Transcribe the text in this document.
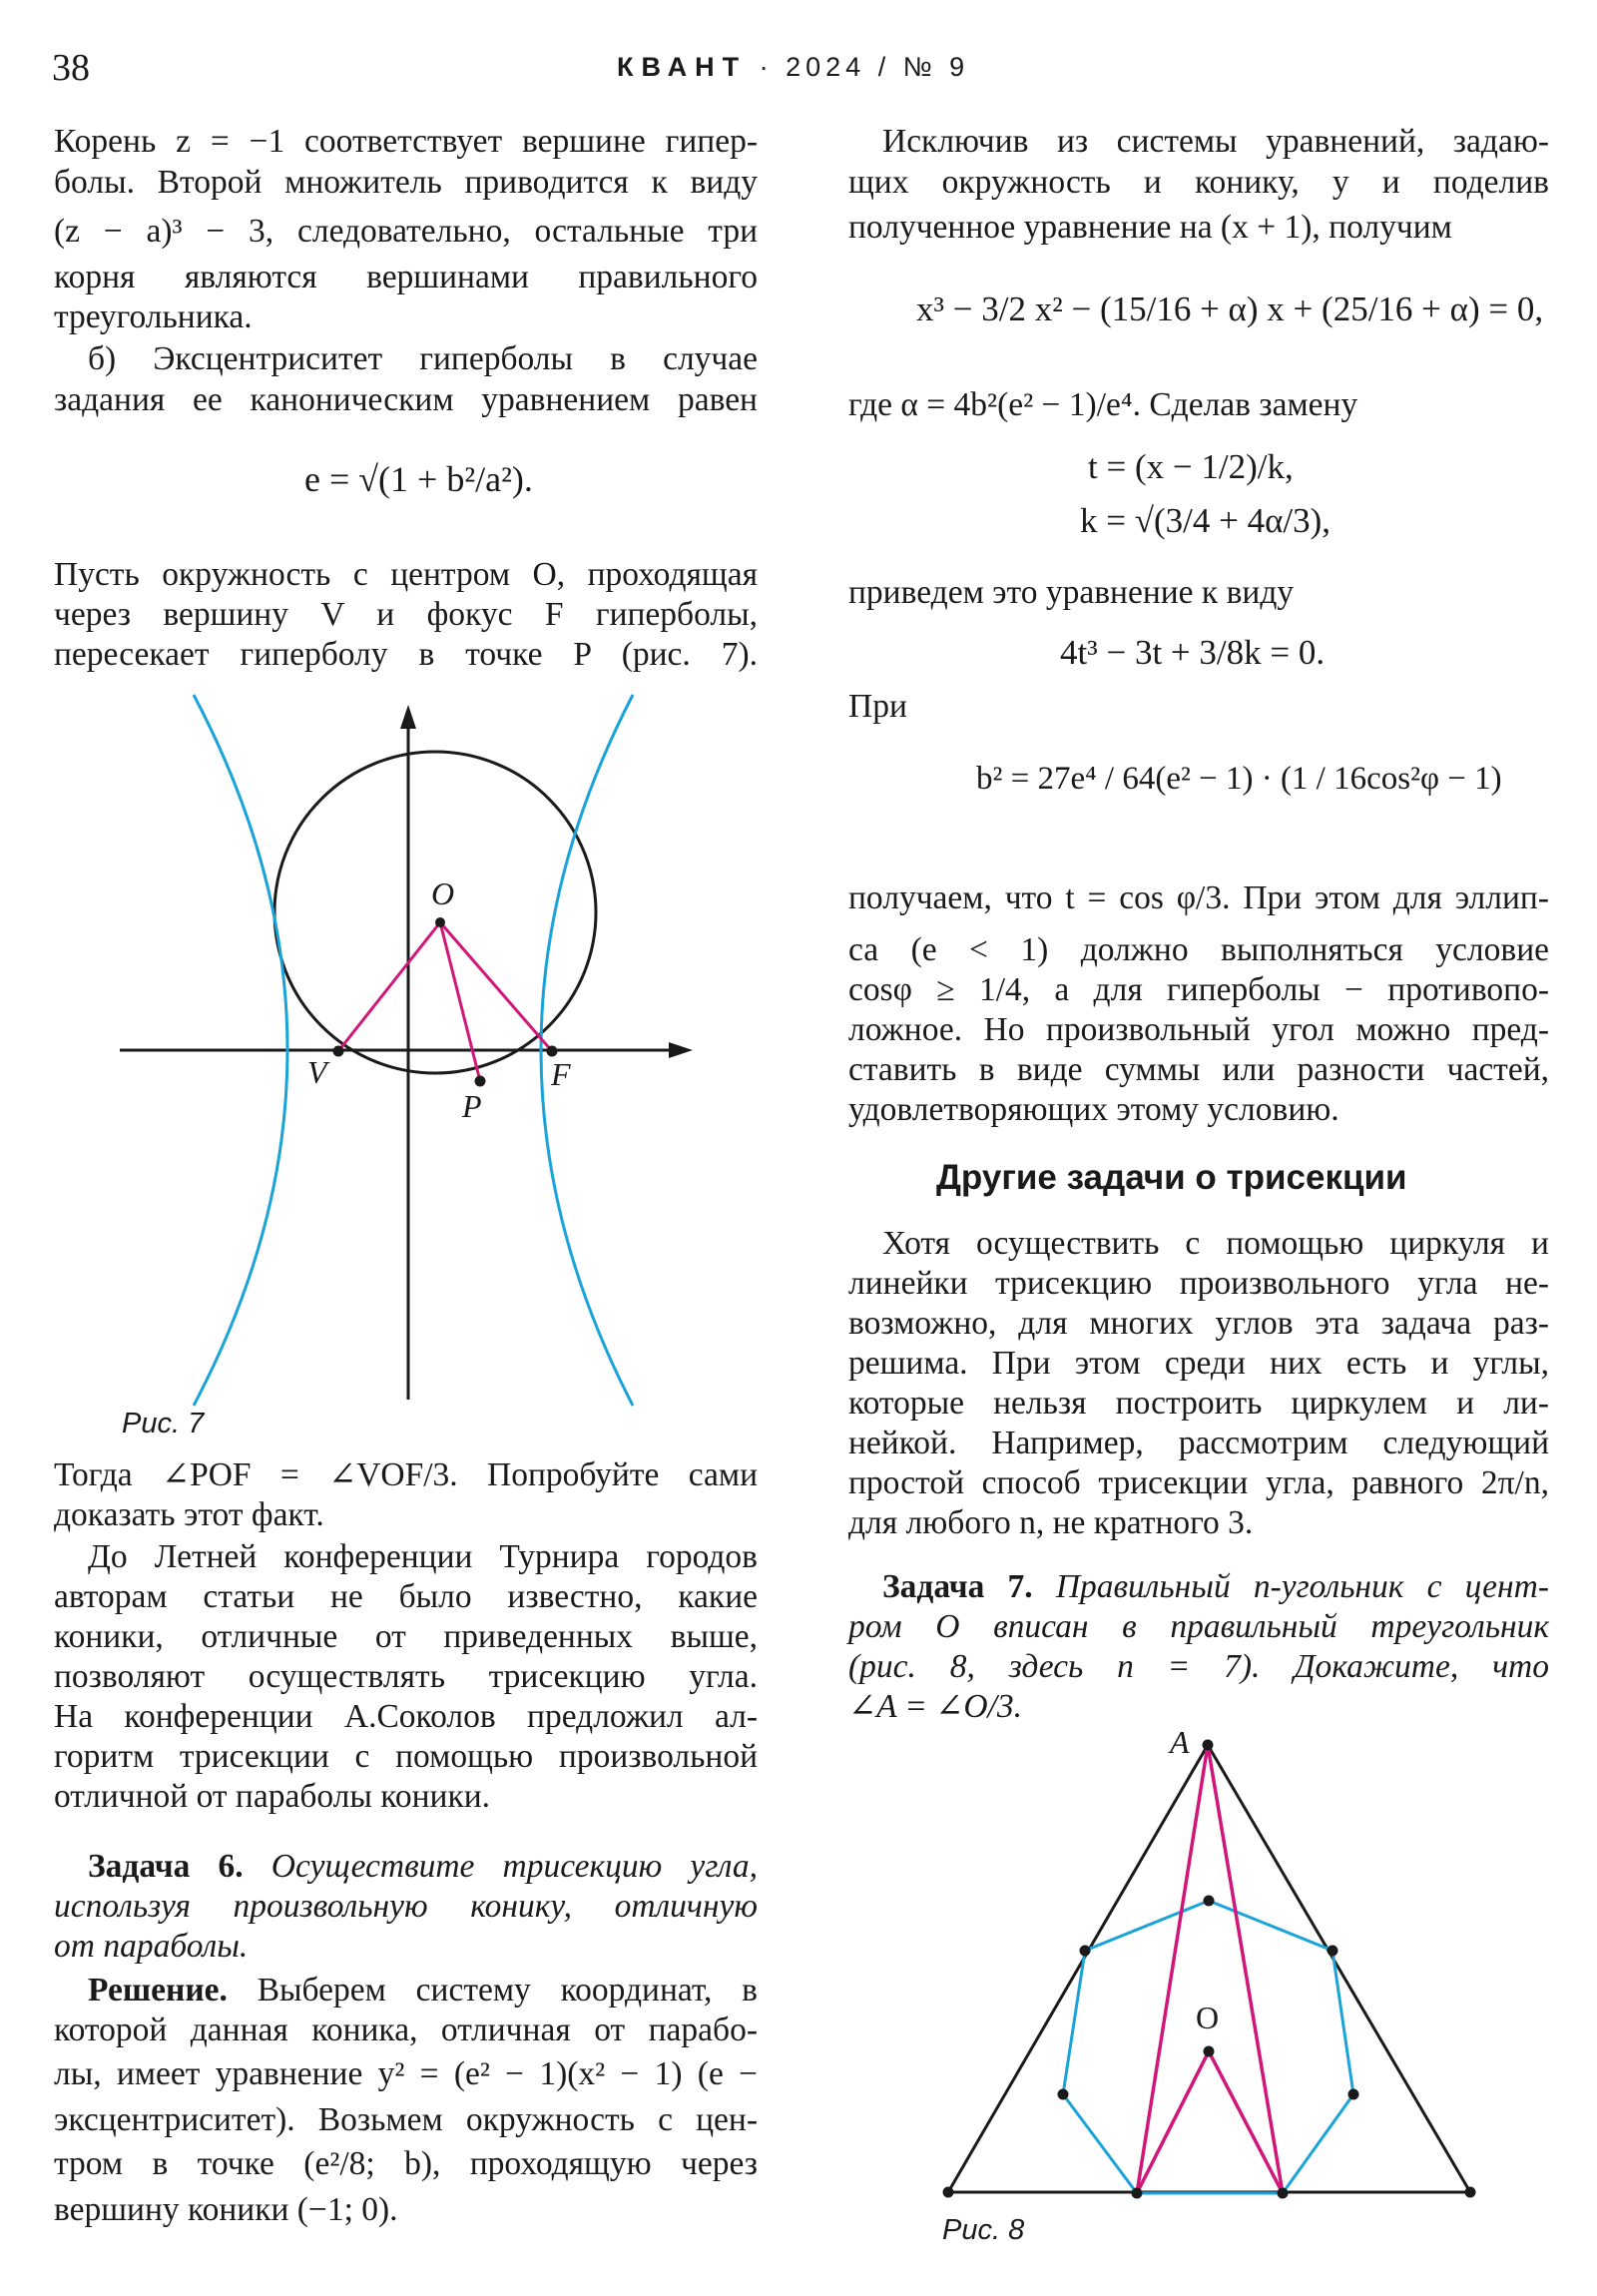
38	КВАНТ · 2024 / № 9
Корень z = −1 соответствует вершине гипер-
болы. Второй множитель приводится к виду
(z − a)³ − 3, следовательно, остальные три
корня являются вершинами правильного
треугольника.
б) Эксцентриситет гиперболы в случае
задания ее каноническим уравнением равен
e = √(1 + b²/a²).
Пусть окружность с центром O, проходящая
через вершину V и фокус F гиперболы,
пересекает гиперболу в точке P (рис. 7).
O
V	F
P
Рис. 7
Тогда ∠POF = ∠VOF/3. Попробуйте сами
доказать этот факт.
До Летней конференции Турнира городов
авторам статьи не было известно, какие
коники, отличные от приведенных выше,
позволяют осуществлять трисекцию угла.
На конференции А.Соколов предложил ал-
горитм трисекции с помощью произвольной
отличной от параболы коники.
Задача 6. Осуществите трисекцию угла,
используя произвольную конику, отличную
от параболы.
Решение. Выберем систему координат, в
которой данная коника, отличная от парабо-
лы, имеет уравнение y² = (e² − 1)(x² − 1) (e −
эксцентриситет). Возьмем окружность с цен-
тром в точке (e²/8; b), проходящую через
вершину коники (−1; 0).
Исключив из системы уравнений, задаю-
щих окружность и конику, y и поделив
полученное уравнение на (x + 1), получим
x³ − 3/2 x² − (15/16 + α) x + (25/16 + α) = 0,
где α = 4b²(e² − 1)/e⁴. Сделав замену
t = (x − 1/2)/k,
k = √(3/4 + 4α/3),
приведем это уравнение к виду
4t³ − 3t + 3/8k = 0.
При
b² = 27e⁴ / 64(e² − 1) · (1 / 16cos²φ − 1)
получаем, что t = cos φ/3. При этом для эллип-
са (e < 1) должно выполняться условие
cosφ ≥ 1/4, а для гиперболы − противопо-
ложное. Но произвольный угол можно пред-
ставить в виде суммы или разности частей,
удовлетворяющих этому условию.
Другие задачи о трисекции
Хотя осуществить с помощью циркуля и
линейки трисекцию произвольного угла не-
возможно, для многих углов эта задача раз-
решима. При этом среди них есть и углы,
которые нельзя построить циркулем и ли-
нейкой. Например, рассмотрим следующий
простой способ трисекции угла, равного 2π/n,
для любого n, не кратного 3.
Задача 7. Правильный n-угольник с цент-
ром O вписан в правильный треугольник
(рис. 8, здесь n = 7). Докажите, что
∠A = ∠O/3.
A
O
Рис. 8
